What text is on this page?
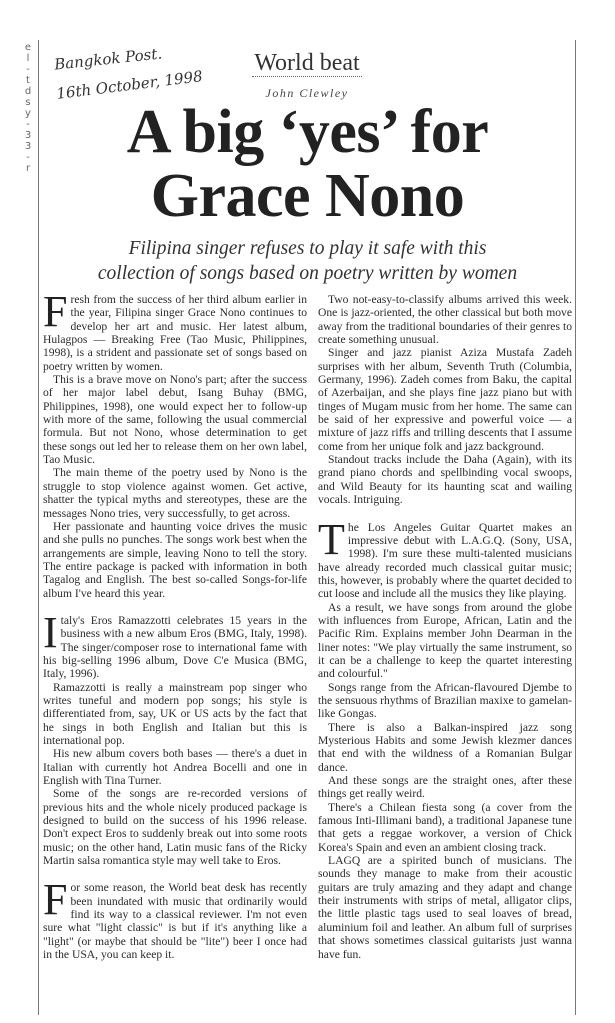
e
l
-
t
d
s
y
-
3
3
-
r
Bangkok Post.
16th October, 1998
World beat
John Clewley
A big ‘yes’ for
Grace Nono
Filipina singer refuses to play it safe with this
collection of songs based on poetry written by women

Fresh from the success of her third album earlier in the year, Filipina singer Grace Nono continues to develop her art and music. Her latest album, Hulagpos — Breaking Free (Tao Music, Philippines, 1998), is a strident and passionate set of songs based on poetry written by women.

This is a brave move on Nono's part; after the success of her major label debut, Isang Buhay (BMG, Philippines, 1998), one would expect her to follow-up with more of the same, following the usual commercial formula. But not Nono, whose determination to get these songs out led her to release them on her own label, Tao Music.

The main theme of the poetry used by Nono is the struggle to stop violence against women. Get active, shatter the typical myths and stereotypes, these are the messages Nono tries, very successfully, to get across.

Her passionate and haunting voice drives the music and she pulls no punches. The songs work best when the arrangements are simple, leaving Nono to tell the story. The entire package is packed with information in both Tagalog and English. The best so-called Songs-for-life album I've heard this year.

Italy's Eros Ramazzotti celebrates 15 years in the business with a new album Eros (BMG, Italy, 1998). The singer/composer rose to international fame with his big-selling 1996 album, Dove C'e Musica (BMG, Italy, 1996).

Ramazzotti is really a mainstream pop singer who writes tuneful and modern pop songs; his style is differentiated from, say, UK or US acts by the fact that he sings in both English and Italian but this is international pop.

His new album covers both bases — there's a duet in Italian with currently hot Andrea Bocelli and one in English with Tina Turner.

Some of the songs are re-recorded versions of previous hits and the whole nicely produced package is designed to build on the success of his 1996 release. Don't expect Eros to suddenly break out into some roots music; on the other hand, Latin music fans of the Ricky Martin salsa romantica style may well take to Eros.

For some reason, the World beat desk has recently been inundated with music that ordinarily would find its way to a classical reviewer. I'm not even sure what "light classic" is but if it's anything like a "light" (or maybe that should be "lite") beer I once had in the USA, you can keep it.

Two not-easy-to-classify albums arrived this week. One is jazz-oriented, the other classical but both move away from the traditional boundaries of their genres to create something unusual.

Singer and jazz pianist Aziza Mustafa Zadeh surprises with her album, Seventh Truth (Columbia, Germany, 1996). Zadeh comes from Baku, the capital of Azerbaijan, and she plays fine jazz piano but with tinges of Mugam music from her home. The same can be said of her expressive and powerful voice — a mixture of jazz riffs and trilling descents that I assume come from her unique folk and jazz background.

Standout tracks include the Daha (Again), with its grand piano chords and spellbinding vocal swoops, and Wild Beauty for its haunting scat and wailing vocals. Intriguing.

The Los Angeles Guitar Quartet makes an impressive debut with L.A.G.Q. (Sony, USA, 1998). I'm sure these multi-talented musicians have already recorded much classical guitar music; this, however, is probably where the quartet decided to cut loose and include all the musics they like playing.

As a result, we have songs from around the globe with influences from Europe, African, Latin and the Pacific Rim. Explains member John Dearman in the liner notes: "We play virtually the same instrument, so it can be a challenge to keep the quartet interesting and colourful."

Songs range from the African-flavoured Djembe to the sensuous rhythms of Brazilian maxixe to gamelan-like Gongas.

There is also a Balkan-inspired jazz song Mysterious Habits and some Jewish klezmer dances that end with the wildness of a Romanian Bulgar dance.

And these songs are the straight ones, after these things get really weird.

There's a Chilean fiesta song (a cover from the famous Inti-Illimani band), a traditional Japanese tune that gets a reggae workover, a version of Chick Korea's Spain and even an ambient closing track.

LAGQ are a spirited bunch of musicians. The sounds they manage to make from their acoustic guitars are truly amazing and they adapt and change their instruments with strips of metal, alligator clips, the little plastic tags used to seal loaves of bread, aluminium foil and leather. An album full of surprises that shows sometimes classical guitarists just wanna have fun.
